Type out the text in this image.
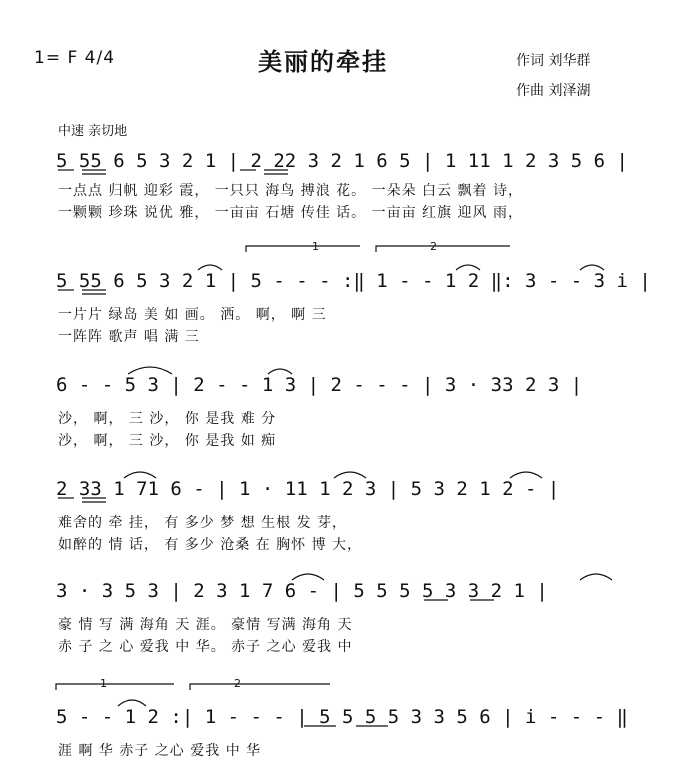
1= F 4/4	美丽的牵挂	作词 刘华群
作曲 刘泽湖
中速 亲切地
5 55 6 5 3 2 1 | 2 22 3 2 1 6 5 | 1 11 1 2 3 5 6 |
一点点 归帆 迎彩 霞， 一只只 海鸟 搏浪 花。 一朵朵 白云 飘着 诗，
一颗颗 珍珠 说优 雅， 一亩亩 石塘 传佳 话。 一亩亩 红旗 迎风 雨，
1	2
5 55 6 5 3 2 1 | 5 - - - :‖ 1 - - 1 2 ‖: 3 - - 3 i |
一片片 绿岛 美 如 画。 洒。 啊， 啊 三
一阵阵 歌声 唱 满 三
6 - - 5 3 | 2 - - 1 3 | 2 - - - | 3 · 33 2 3 |
沙， 啊， 三 沙， 你 是我 难 分
沙， 啊， 三 沙， 你 是我 如 痴
2 33 1 71 6 - | 1 · 11 1 2 3 | 5 3 2 1 2 - |
难舍的 牵 挂， 有 多少 梦 想 生根 发 芽，
如醉的 情 话， 有 多少 沧桑 在 胸怀 博 大，
3 · 3 5 3 | 2 3 1 7 6 - | 5 5 5 5 3 3 2 1 |
豪 情 写 满 海角 天 涯。 豪情 写满 海角 天
赤 子 之 心 爱我 中 华。 赤子 之心 爱我 中
1	2
5 - - 1 2 :| 1 - - - | 5 5 5 5 3 3 5 6 | i - - - ‖
涯 啊 华 赤子 之心 爱我 中 华
